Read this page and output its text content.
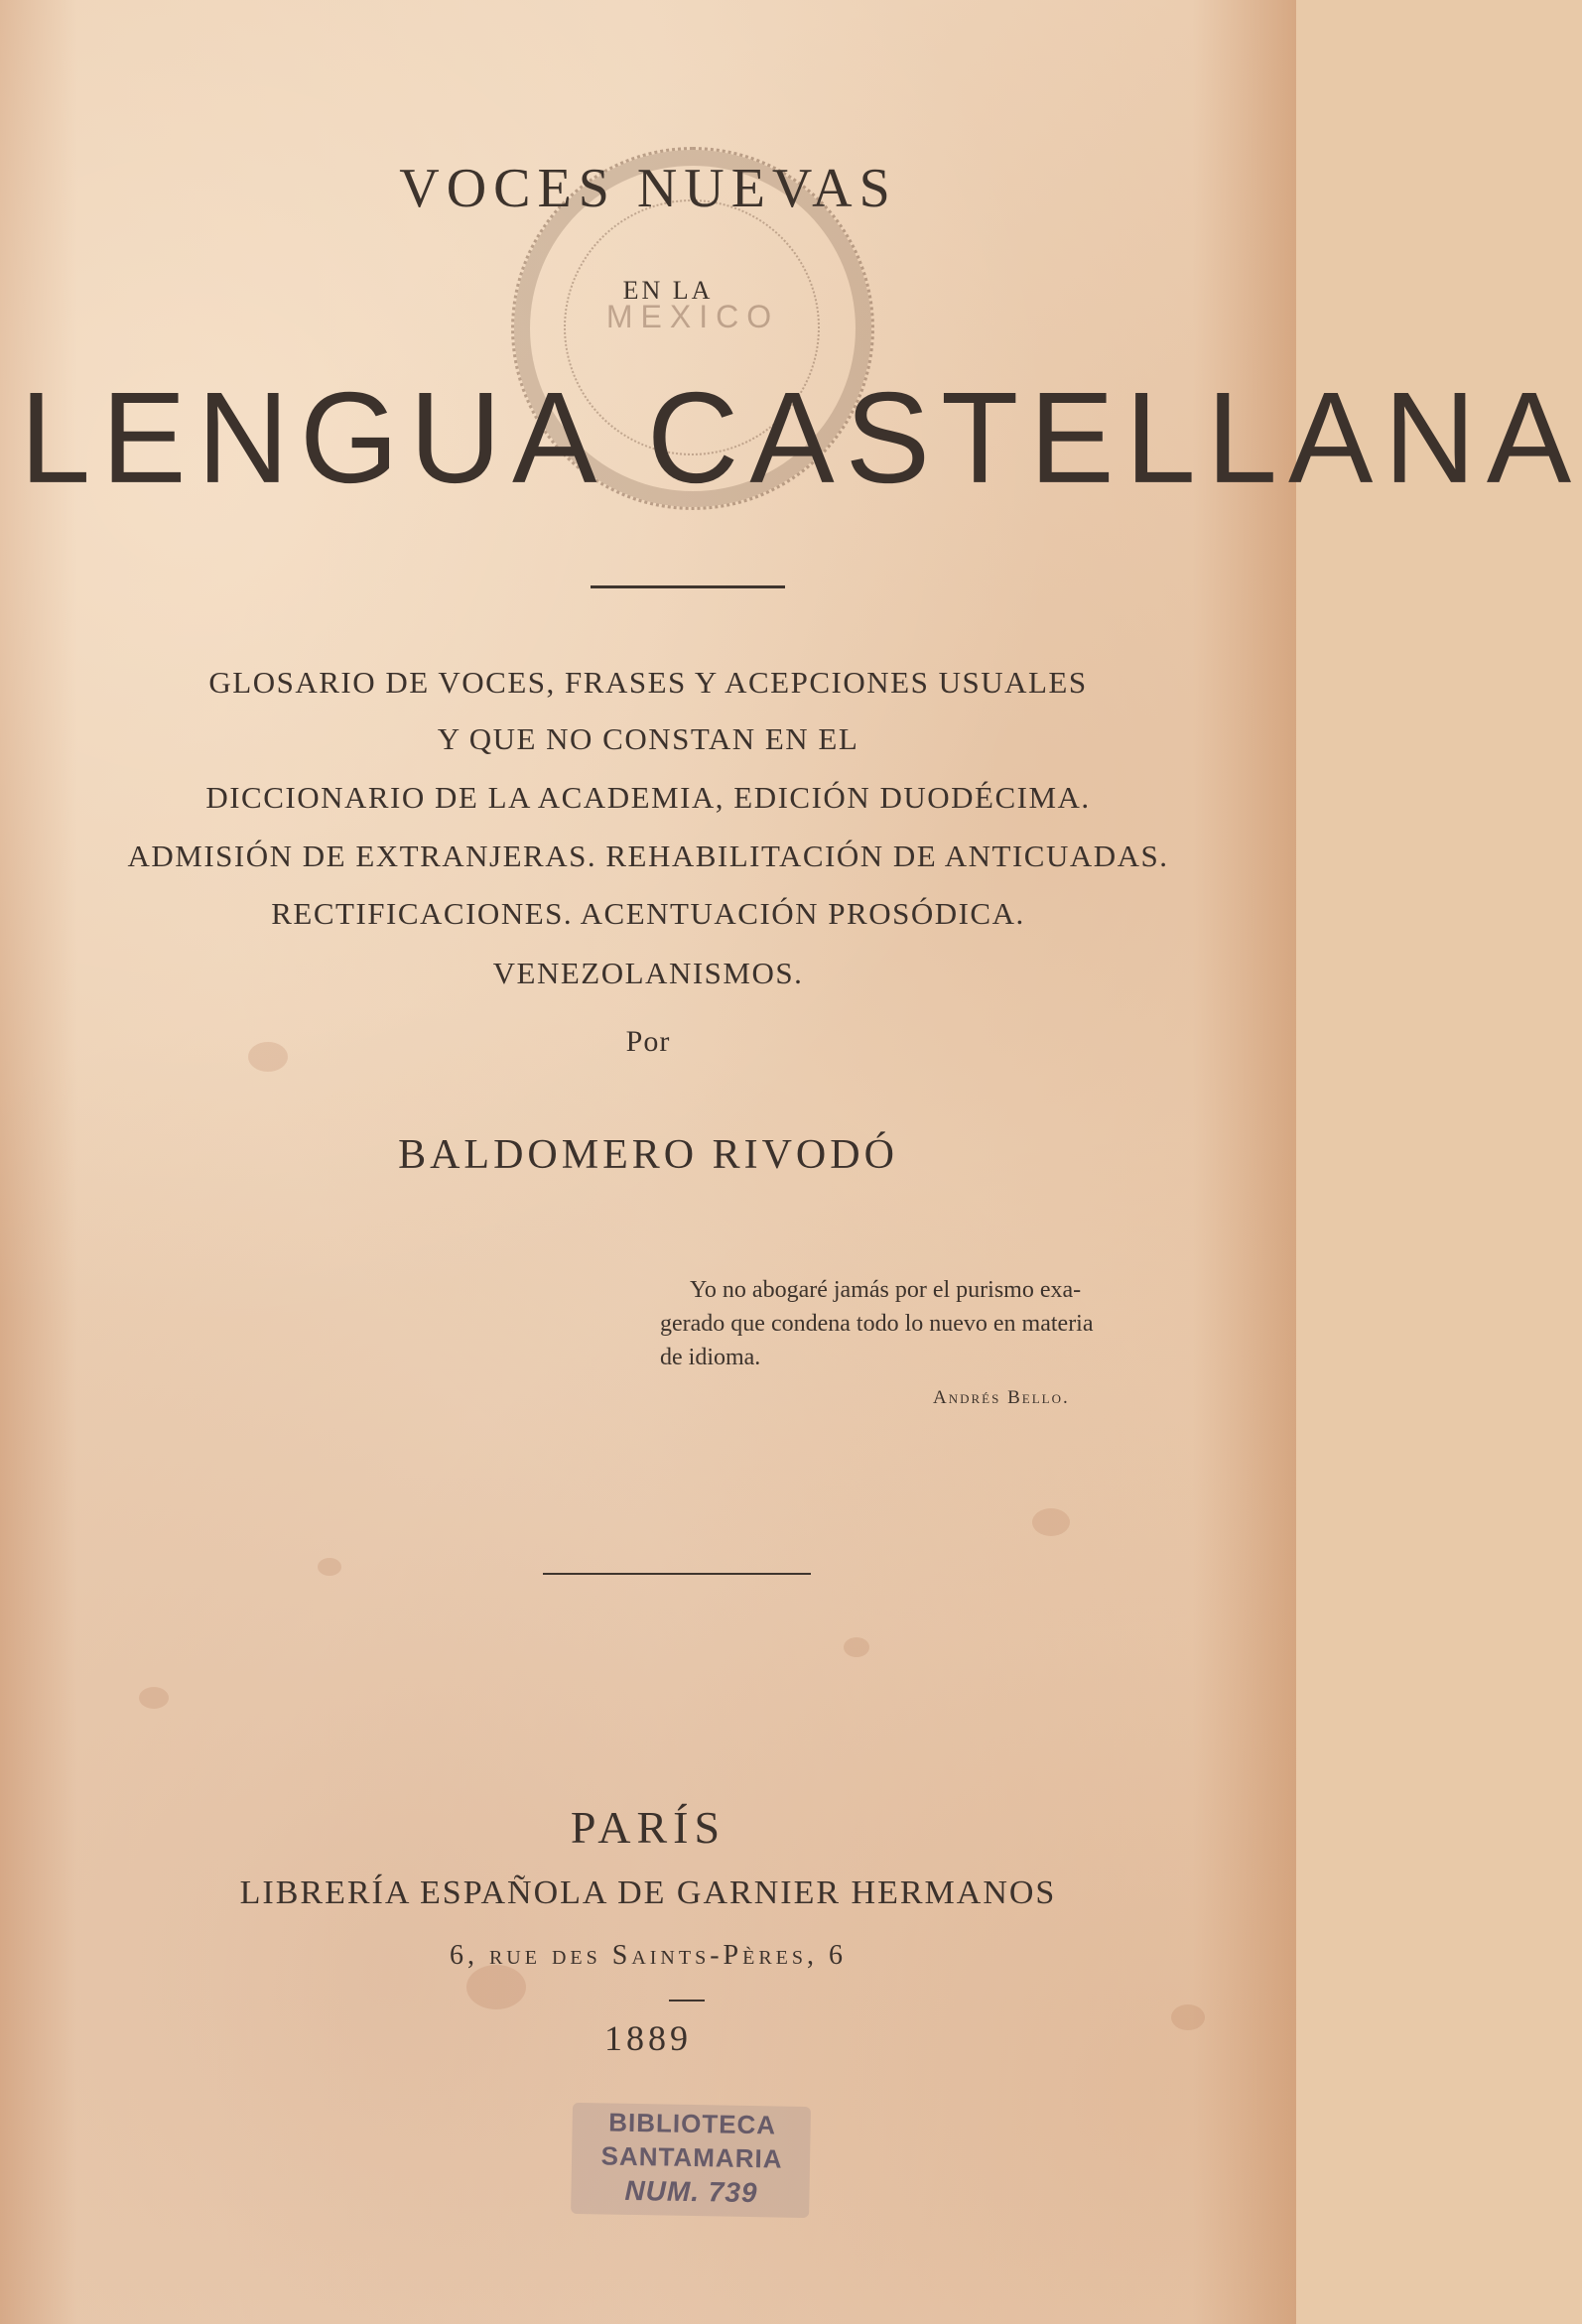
MEXICO
VOCES NUEVAS
EN LA
LENGUA CASTELLANA
GLOSARIO DE VOCES, FRASES Y ACEPCIONES USUALES
Y QUE NO CONSTAN EN EL
DICCIONARIO DE LA ACADEMIA, EDICIÓN DUODÉCIMA.
ADMISIÓN DE EXTRANJERAS. REHABILITACIÓN DE ANTICUADAS.
RECTIFICACIONES. ACENTUACIÓN PROSÓDICA.
VENEZOLANISMOS.
Por
BALDOMERO RIVODÓ
Yo no abogaré jamás por el purismo exa-
gerado que condena todo lo nuevo en materia
de idioma.
Andrés Bello.
PARÍS
LIBRERÍA ESPAÑOLA DE GARNIER HERMANOS
6, rue des Saints-Pères, 6
1889
BIBLIOTECA
SANTAMARIA
NUM. 739
